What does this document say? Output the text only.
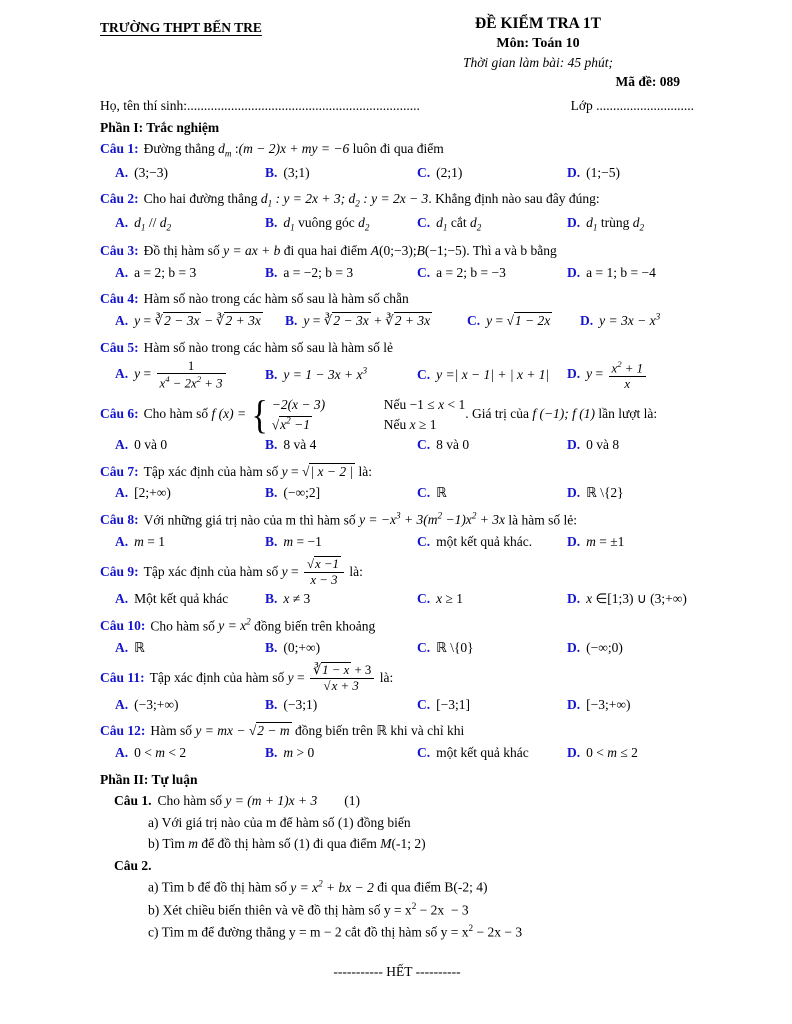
TRƯỜNG THPT BẾN TRE	ĐỀ KIỂM TRA 1T
Môn: Toán 10
Thời gian làm bài: 45 phút;
Mã đề: 089
Họ, tên thí sinh:.....................................................................	Lớp .............................
Phần I: Trắc nghiệm
Câu 1: Đường thẳng $d_m$ :(m − 2)x + my = −6 luôn đi qua điểm
A. (3;−3)	B. (3;1)	C. (2;1)	D. (1;−5)
Câu 2: Cho hai đường thẳng $d_1$ : y = 2x + 3; $d_2$ : y = 2x − 3. Khẳng định nào sau đây đúng:
A. $d_1 // d_2$	B. $d_1$ vuông góc $d_2$	C. $d_1$ cắt $d_2$	D. $d_1$ trùng $d_2$
Câu 3: Đồ thị hàm số y = ax + b đi qua hai điểm A(0;−3);B(−1;−5). Thì a và b bằng
A. a = 2; b = 3	B. a = −2; b = 3	C. a = 2; b = −3	D. a = 1; b = −4
Câu 4: Hàm số nào trong các hàm số sau là hàm số chẵn
A. y = ∛2 − 3x − ∛2 + 3x	B. y = ∛2 − 3x + ∛2 + 3x	C. y = √1 − 2x	D. $y = 3x - x^3$
Câu 5: Hàm số nào trong các hàm số sau là hàm số lẻ
A. $y = \frac{1}{x^4 - 2x^2 + 3}$	B. $y = 1 - 3x + x^3$	C. y =| x − 1| + | x + 1|	D. $y = \frac{x^2 + 1}{x}$
Câu 6: Cho hàm số f (x) = { −2(x − 3)	Nếu −1 ≤ x < 1
$√x^2 -1$	Nếu x ≥ 1
. Giá trị của f (−1); f (1) lần lượt là:
A. 0 và 0	B. 8 và 4	C. 8 và 0	D. 0 và 8
Câu 7: Tập xác định của hàm số y = √| x − 2 | là:
A. [2;+∞)	B. (−∞;2]	C. ℝ	D. ℝ \{2}
Câu 8: Với những giá trị nào của m thì hàm số $y = -x^3 + 3(m^2 -1)x^2 + 3x$ là hàm số lẻ:
A. m = 1	B. m = −1	C. một kết quả khác.	D. m = ±1
Câu 9: Tập xác định của hàm số $y = \frac{√x -1}{x - 3}$ là:
A. Một kết quả khác	B. x ≠ 3	C. x ≥ 1	D. x ∈[1;3) ∪ (3;+∞)
Câu 10: Cho hàm số $y = x^2$ đồng biến trên khoảng
A. ℝ	B. (0;+∞)	C. ℝ \{0}	D. (−∞;0)
Câu 11: Tập xác định của hàm số $y = \frac{∛1 - x + 3}{√x + 3}$ là:
A. (−3;+∞)	B. (−3;1)	C. [−3;1]	D. [−3;+∞)
Câu 12: Hàm số y = mx − √2 − m đồng biến trên ℝ khi và chỉ khi
A. 0 < m < 2	B. m > 0	C. một kết quả khác	D. 0 < m ≤ 2
Phần II: Tự luận
Câu 1. Cho hàm số y = (m + 1)x + 3        (1)
a) Với giá trị nào của m để hàm số (1) đồng biến
b) Tìm m để đồ thị hàm số (1) đi qua điểm M(-1; 2)
Câu 2.
a) Tìm b để đồ thị hàm số $y = x^2$ + bx − 2 đi qua điểm B(-2; 4)
b) Xét chiều biến thiên và vẽ đồ thị hàm số $y = x^2 - 2x - 3$
c) Tìm m để đường thẳng y = m − 2 cắt đồ thị hàm số $y = x^2 - 2x - 3$
----------- HẾT ----------
